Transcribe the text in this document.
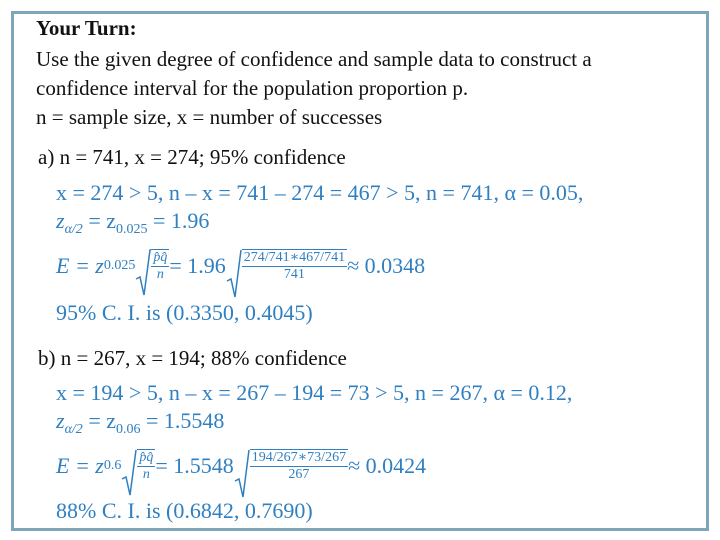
Your Turn:
Use the given degree of confidence and sample data to construct a
confidence interval for the population proportion p.
n = sample size, x = number of successes
a) n = 741, x = 274; 95% confidence
x = 274 > 5, n – x = 741 – 274 = 467 > 5, n = 741, α = 0.05,
$z_{\alpha/2} = z_{0.025} = 1.96$
E = z $0.025 \frac{p̂q̂}{n} = 1.96 \frac{274/741∗467/741}{741} \approx 0.0348$
95% C. I. is (0.3350, 0.4045)
b) n = 267, x = 194; 88% confidence
x = 194 > 5, n – x = 267 – 194 = 73 > 5, n = 267, α = 0.12,
$z_{\alpha/2} = z_{0.06} = 1.5548$
E = z $0.6 \frac{p̂q̂}{n} = 1.5548 \frac{194/267∗73/267}{267} \approx 0.0424$
88% C. I. is (0.6842, 0.7690)
